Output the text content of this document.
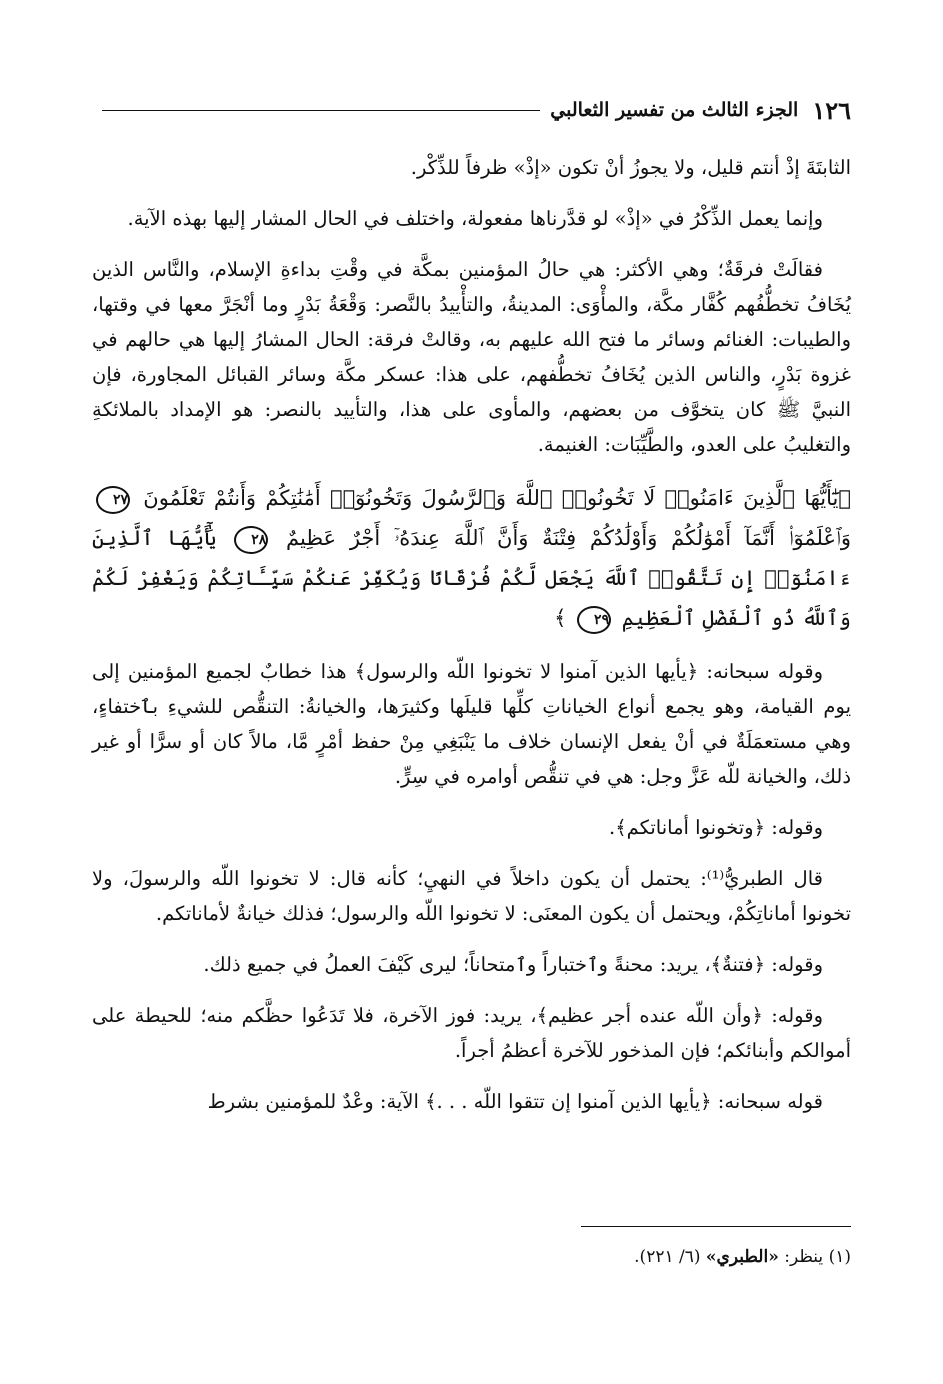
١٢٦
الجزء الثالث من تفسير الثعالبي

الثابتَةَ إذْ أنتم قليل، ولا يجوزُ أنْ تكون «إذْ» ظرفاً للذِّكْر.

وإنما يعمل الذِّكْرُ في «إذْ» لو قدَّرناها مفعولة، واختلف في الحال المشار إليها بهذه الآية.

فقالَتْ فرقَةٌ؛ وهي الأكثر: هي حالُ المؤمنين بمكَّة في وقْتِ بداءةِ الإسلام، والنَّاس الذين يُخَافُ تخطُّفُهم كُفَّار مكَّة، والمأْوَى: المدينةُ، والتأْييدُ بالنَّصر: وَقْعَةُ بَدْرٍ وما أنْجَرَّ معها في وقتها، والطيبات: الغنائم وسائر ما فتح الله عليهم به، وقالتْ فرقة: الحال المشارُ إليها هي حالهم في غزوة بَدْرٍ، والناس الذين يُخَافُ تخطُّفهم، على هذا: عسكر مكَّة وسائر القبائل المجاورة، فإن النبيَّ ﷺ كان يتخوَّف من بعضهم، والمأوى على هذا، والتأييد بالنصر: هو الإمداد بالملائكةِ والتغليبُ على العدو، والطَّيِّبَات: الغنيمة.

﴿يَٰٓأَيُّهَا ٱلَّذِينَ ءَامَنُوا۟ لَا تَخُونُوا۟ ٱللَّهَ وَٱلرَّسُولَ وَتَخُونُوٓا۟ أَمَٰنَٰتِكُمْ وَأَنتُمْ تَعْلَمُونَ ٢٧ وَٱعْلَمُوٓا۟ أَنَّمَآ أَمْوَٰلُكُمْ وَأَوْلَٰدُكُمْ فِتْنَةٌ وَأَنَّ ٱللَّهَ عِندَهُۥٓ أَجْرٌ عَظِيمٌ ٢٨ يَٰٓأَيُّهَا ٱلَّذِينَ ءَامَنُوٓا۟ إِن تَتَّقُوا۟ ٱللَّهَ يَجْعَل لَّكُمْ فُرْقَانًا وَيُكَفِّرْ عَنكُمْ سَيِّـَٔاتِكُمْ وَيَغْفِرْ لَكُمْ وَٱللَّهُ ذُو ٱلْفَضْلِ ٱلْعَظِيمِ ٢٩ ﴾

وقوله سبحانه: ﴿يأيها الذين آمنوا لا تخونوا اللّه والرسول﴾ هذا خطابٌ لجميع المؤمنين إلى يوم القيامة، وهو يجمع أنواع الخياناتِ كلِّها قليلَها وكثيرَها، والخيانةُ: التنقُّص للشيءِ بٱختفاءٍ، وهي مستعمَلَةٌ في أنْ يفعل الإنسان خلاف ما يَنْبَغِي مِنْ حفظ أمْرٍ مَّا، مالاً كان أو سرًّا أو غير ذلك، والخيانة للّه عَزَّ وجل: هي في تنقُّص أوامره في سِرٍّ.

وقوله: ﴿وتخونوا أماناتكم﴾.

قال الطبريُّ⁽¹⁾: يحتمل أن يكون داخلاً في النهيِ؛ كأنه قال: لا تخونوا اللّه والرسولَ، ولا تخونوا أماناتِكُمْ، ويحتمل أن يكون المعنَى: لا تخونوا اللّه والرسول؛ فذلك خيانةٌ لأماناتكم.

وقوله: ﴿فتنةٌ﴾، يريد: محنةً وٱختباراً وٱمتحاناً؛ ليرى كَيْفَ العملُ في جميع ذلك.

وقوله: ﴿وأن اللّه عنده أجر عظيم﴾، يريد: فوز الآخرة، فلا تَدَعُوا حظَّكم منه؛ للحيطة على أموالكم وأبنائكم؛ فإن المذخور للآخرة أعظمُ أجراً.

قوله سبحانه: ﴿يأيها الذين آمنوا إن تتقوا اللّه . . .﴾ الآية: وعْدٌ للمؤمنين بشرط

(١) ينظر: «الطبري» (٦/ ٢٢١).
